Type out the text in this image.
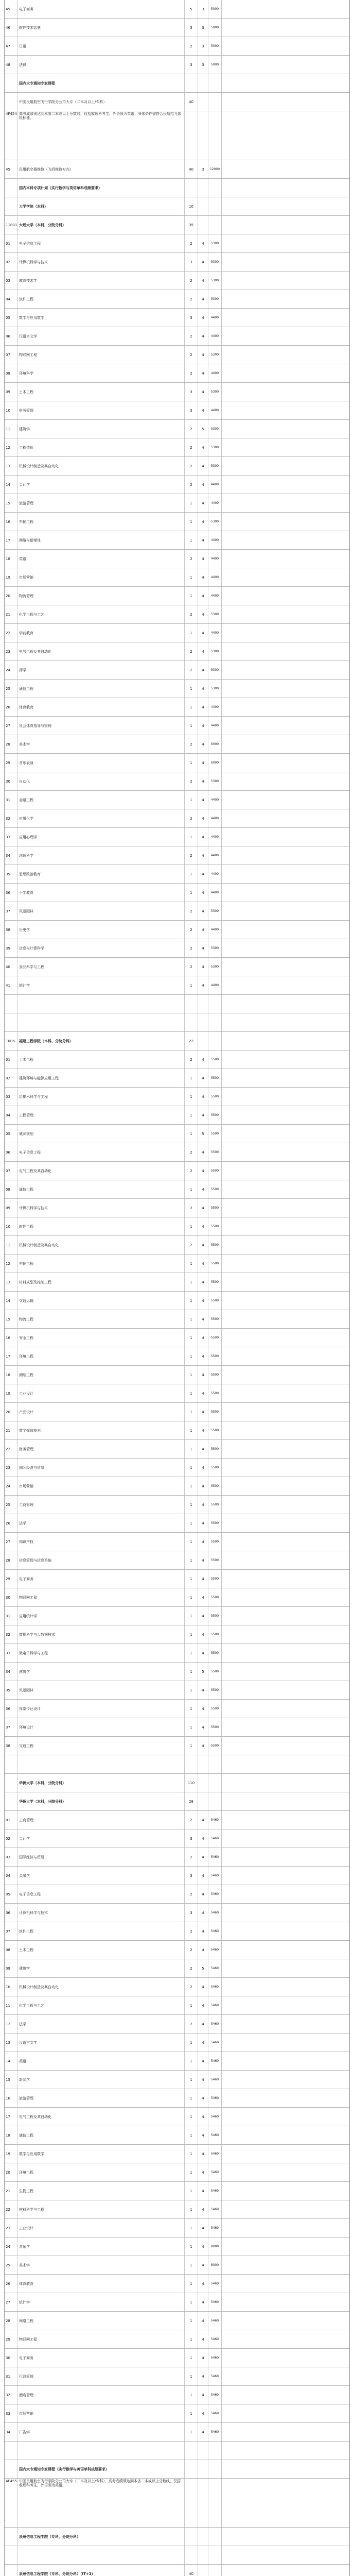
45	电子商务	5	3	5000
46	软件技术智慧	3	3	5000
47	日语	2	3	5000
48	法律	3	3	5000
国内大专通知专家课程
中国民用航空飞行学院分公司大专（二本及以上/专科）	40
4F454 高考成绩须达到本省二本或以上分数线，仅招收理科考生，外语须为英语；身体条件需符合民航招飞体检标准。
45	民用航空器维修（飞机维修方向）	40	3	12000
国内本科专项计划（实行数学与英语单科成绩要求）
大学学院（本科）	10
11801 大理大学（本科，分院分科）	35
01	电子信息工程	2	4	5300
02	计算机科学与技术	3	4	5300
03	教育技术学	2	4	5300
04	软件工程	2	4	5300
05	数学与应用数学	3	4	4400
06	汉语言文学	2	4	4400
07	物联网工程	2	4	5300
08	环境科学	2	4	4400
09	土木工程	3	4	5300
10	财务管理	3	4	4400
11	建筑学	2	5	5300
12	工程造价	2	4	5300
13	机械设计制造及其自动化	2	4	5300
14	会计学	2	4	4400
15	旅游管理	1	4	4400
16	车辆工程	1	4	5300
17	网络与新媒体	1	4	4400
18	英语	2	4	4400
19	市场营销	1	4	4400
20	物流管理	1	4	4400
21	化学工程与工艺	2	4	5300
22	学前教育	1	4	4400
23	电气工程及其自动化	2	4	5300
24	药学	2	4	5300
25	通信工程	1	4	5300
26	体育教育	1	4	4400
27	社会体育指导与管理	1	4	4400
28	美术学	2	4	6000
29	音乐表演	1	4	6000
30	自动化	2	4	5300
31	金融工程	1	4	4400
32	应用化学	2	4	4400
33	应用心理学	1	4	4400
34	地理科学	2	4	4400
35	思想政治教育	1	4	4400
36	小学教育	1	4	4400
37	风景园林	2	4	5300
38	历史学	2	4	4400
39	信息与计算科学	2	4	5300
40	食品科学与工程	2	4	5300
41	统计学	1	4	4400
1006	福建工程学院（本科，分院分科）	22
01	土木工程	2	4	5500
02	建筑环境与能源应用工程	1	4	5500
03	给排水科学与工程	1	4	5500
04	工程管理	1	4	5500
05	城乡规划	1	5	5500
06	电子信息工程	2	4	5500
07	电气工程及其自动化	2	4	5500
08	通信工程	1	4	5500
09	计算机科学与技术	2	4	5500
10	软件工程	1	4	5500
11	机械设计制造及其自动化	2	4	5500
12	车辆工程	1	4	5500
13	材料成型及控制工程	1	4	5500
14	交通运输	1	4	5500
15	物流工程	1	4	5500
16	安全工程	1	4	5500
17	环境工程	1	4	5500
18	测绘工程	1	4	5500
19	工业设计	1	4	5500
20	产品设计	1	4	5500
21	数字媒体技术	1	4	5500
22	财务管理	1	4	5500
23	国际经济与贸易	1	4	5500
24	市场营销	1	4	5500
25	工商管理	1	4	5500
26	法学	1	4	5500
27	知识产权	1	4	5500
28	信息管理与信息系统	1	4	5500
29	电子商务	1	4	5500
30	物联网工程	1	4	5500
31	应用统计学	1	4	5500
32	数据科学与大数据技术	1	4	5500
33	微电子科学与工程	1	4	5500
34	建筑学	1	5	5500
35	风景园林	1	4	5500
36	视觉传达设计	1	4	5500
37	环境设计	1	4	5500
38	交通工程	1	4	5500
华侨大学（本科，分院分科）	110
华侨大学（本科，分院分科）	28
01	工商管理	2	4	5460
02	会计学	3	4	5460
03	国际经济与贸易	2	4	5460
04	金融学	3	4	5460
05	电子信息工程	2	4	5460
06	计算机科学与技术	3	4	5460
07	软件工程	2	4	5460
08	土木工程	2	4	5460
09	建筑学	2	5	5460
10	机械设计制造及其自动化	2	4	5460
11	化学工程与工艺	1	4	5460
12	法学	2	4	5460
13	汉语言文学	1	4	5460
14	英语	1	4	5460
15	新闻学	1	4	5460
16	旅游管理	1	4	5460
17	电气工程及其自动化	1	4	5460
18	通信工程	1	4	5460
19	数学与应用数学	1	4	5460
20	环境工程	1	4	5460
21	生物工程	1	4	5460
22	材料科学与工程	1	4	5460
23	工业设计	1	4	5460
24	音乐学	1	4	8000
25	美术学	1	4	8000
26	体育教育	1	4	5460
27	统计学	1	4	5460
28	网络工程	1	4	5460
29	物联网工程	1	4	5460
30	电子商务	1	4	5460
31	行政管理	1	4	5460
32	酒店管理	1	4	5460
33	市场营销	1	4	5460
34	广告学	1	4	5460
国内大专通知专家课程（实行数学与英语单科成绩要求）
4F455 中国民用航空飞行学院分公司大专（二本及以上/专科），高考成绩须达到本省二本或以上分数线，仅招收理科考生，外语须为英语。
泉州信息工程学院（专科，分院分科）
泉州信息工程学院（专科，分院分科）（IT+3）	40
